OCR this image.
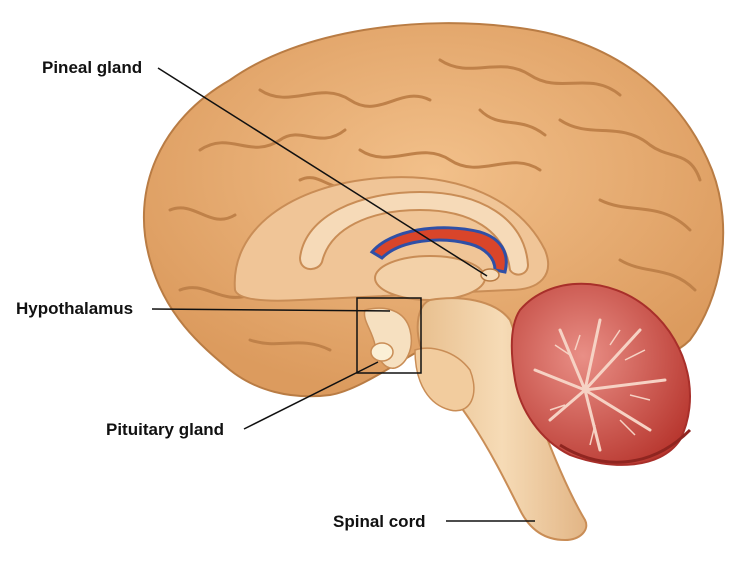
Pineal gland
Hypothalamus
Pituitary gland
Spinal cord
